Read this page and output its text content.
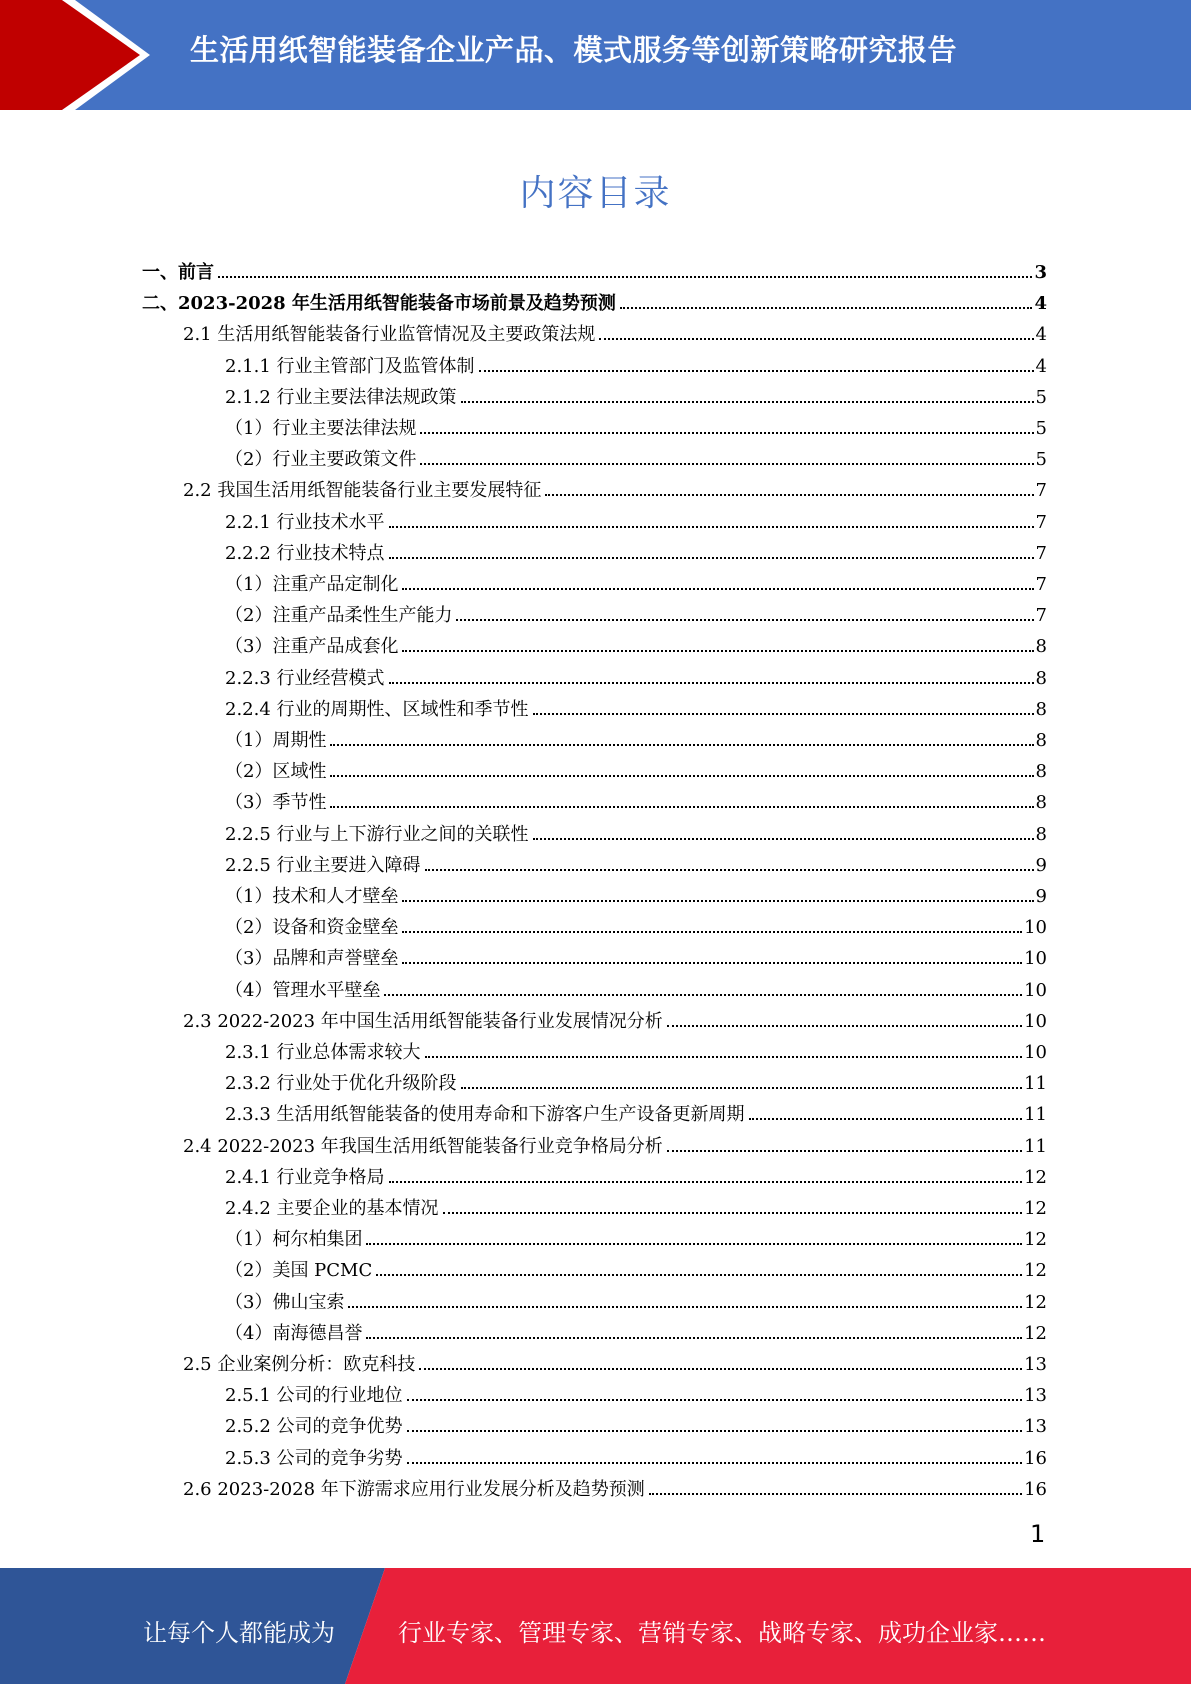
生活用纸智能装备企业产品、模式服务等创新策略研究报告
内容目录
一、前言	3
二、2023-2028 年生活用纸智能装备市场前景及趋势预测	4
2.1 生活用纸智能装备行业监管情况及主要政策法规	4
2.1.1 行业主管部门及监管体制	4
2.1.2 行业主要法律法规政策	5
（1）行业主要法律法规	5
（2）行业主要政策文件	5
2.2 我国生活用纸智能装备行业主要发展特征	7
2.2.1 行业技术水平	7
2.2.2 行业技术特点	7
（1）注重产品定制化	7
（2）注重产品柔性生产能力	7
（3）注重产品成套化	8
2.2.3 行业经营模式	8
2.2.4 行业的周期性、区域性和季节性	8
（1）周期性	8
（2）区域性	8
（3）季节性	8
2.2.5 行业与上下游行业之间的关联性	8
2.2.5 行业主要进入障碍	9
（1）技术和人才壁垒	9
（2）设备和资金壁垒	10
（3）品牌和声誉壁垒	10
（4）管理水平壁垒	10
2.3 2022-2023 年中国生活用纸智能装备行业发展情况分析	10
2.3.1 行业总体需求较大	10
2.3.2 行业处于优化升级阶段	11
2.3.3 生活用纸智能装备的使用寿命和下游客户生产设备更新周期	11
2.4 2022-2023 年我国生活用纸智能装备行业竞争格局分析	11
2.4.1 行业竞争格局	12
2.4.2 主要企业的基本情况	12
（1）柯尔柏集团	12
（2）美国 PCMC	12
（3）佛山宝索	12
（4）南海德昌誉	12
2.5 企业案例分析：欧克科技	13
2.5.1 公司的行业地位	13
2.5.2 公司的竞争优势	13
2.5.3 公司的竞争劣势	16
2.6 2023-2028 年下游需求应用行业发展分析及趋势预测	16
1
让每个人都能成为	行业专家、管理专家、营销专家、战略专家、成功企业家……
